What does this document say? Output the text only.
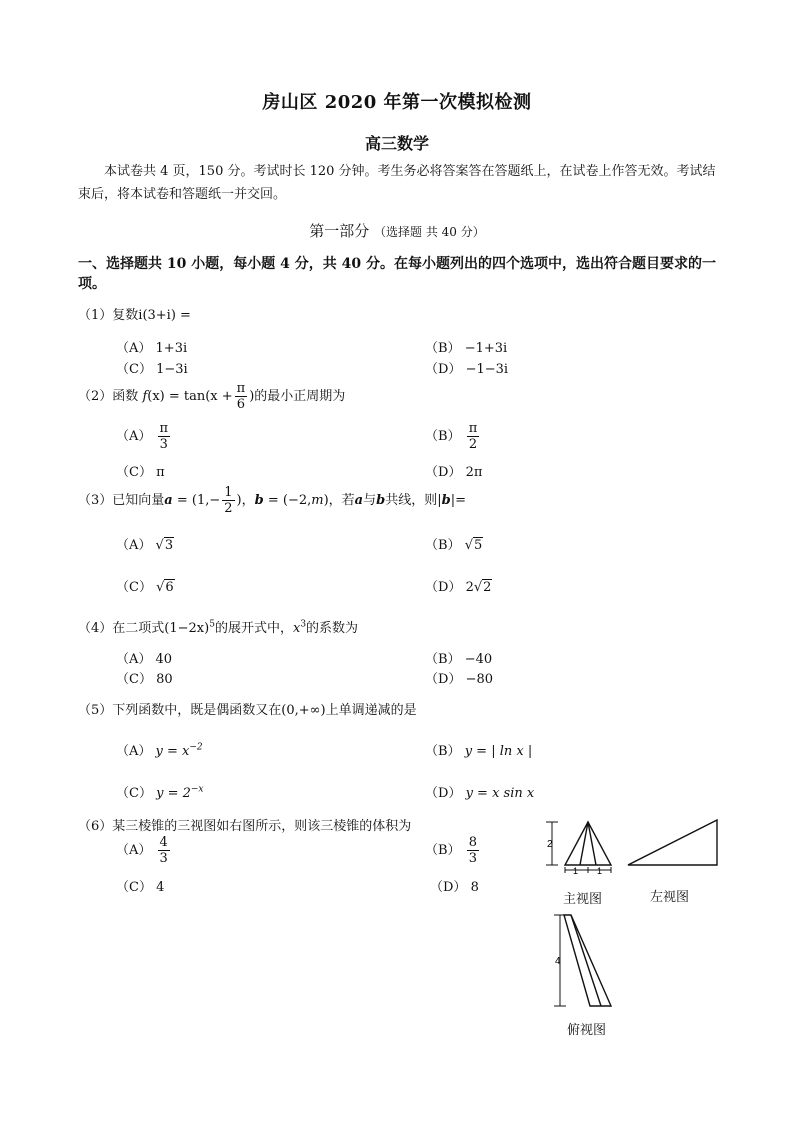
房山区 2020 年第一次模拟检测
高三数学
本试卷共 4 页，150 分。考试时长 120 分钟。考生务必将答案答在答题纸上，在试卷上作答无效。考试结束后，将本试卷和答题纸一并交回。
第一部分 （选择题 共 40 分）
一、选择题共 10 小题，每小题 4 分，共 40 分。在每小题列出的四个选项中，选出符合题目要求的一项。
（1）复数i(3+i) =
（A） 1+3i	（B） −1+3i
（C） 1−3i	（D） −1−3i
（2）函数 $f(x) = \tan(x + \frac{\pi}{6}$ )的最小正周期为
$(A) \frac{\pi}{3}$	$(B) \frac{\pi}{2}$
（C） π	（D） 2π
（3）已知向量$a = (1,- \frac{1}{2}$ )，b = (−2,m)，若a与b共线，则|b|=
（A） √3	（B） √5
（C） √6	（D） 2√2
（4）在二项式$(1-2x)^5$的展开式中，$x^3$的系数为
（A） 40	（B） −40
（C） 80	（D） −80
（5）下列函数中，既是偶函数又在(0,+∞)上单调递减的是
（A） $y = x^{-2}$	（B） y = | ln x |
（C） $y = 2^{-x}$	（D） y = x sin x
（6）某三棱锥的三视图如右图所示，则该三棱锥的体积为
$(A) \frac{4}{3}$	$(B) \frac{8}{3}$
（C） 4	（D） 8
2
1 1
4
主视图	左视图
俯视图
